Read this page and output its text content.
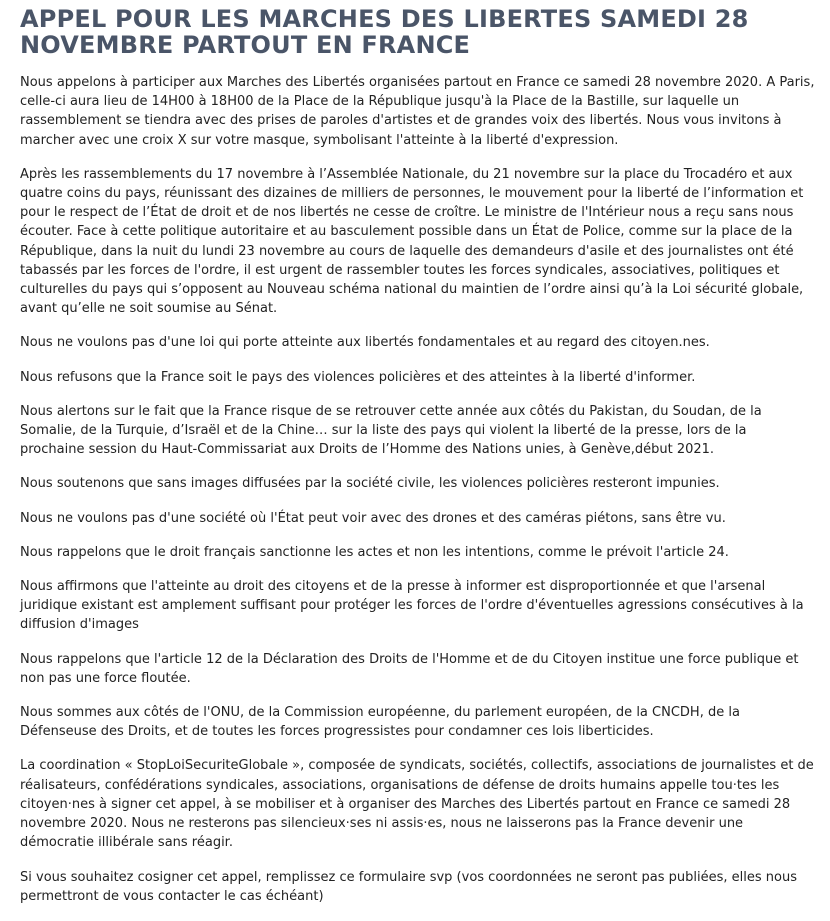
APPEL POUR LES MARCHES DES LIBERTES SAMEDI 28 NOVEMBRE PARTOUT EN FRANCE

Nous appelons à participer aux Marches des Libertés organisées partout en France ce samedi 28 novembre 2020. A Paris, celle-ci aura lieu de 14H00 à 18H00 de la Place de la République jusqu'à la Place de la Bastille, sur laquelle un rassemblement se tiendra avec des prises de paroles d'artistes et de grandes voix des libertés. Nous vous invitons à marcher avec une croix X sur votre masque, symbolisant l'atteinte à la liberté d'expression.

Après les rassemblements du 17 novembre à l’Assemblée Nationale, du 21 novembre sur la place du Trocadéro et aux quatre coins du pays, réunissant des dizaines de milliers de personnes, le mouvement pour la liberté de l’information et pour le respect de l’État de droit et de nos libertés ne cesse de croître. Le ministre de l'Intérieur nous a reçu sans nous écouter. Face à cette politique autoritaire et au basculement possible dans un État de Police, comme sur la place de la République, dans la nuit du lundi 23 novembre au cours de laquelle des demandeurs d'asile et des journalistes ont été tabassés par les forces de l'ordre, il est urgent de rassembler toutes les forces syndicales, associatives, politiques et culturelles du pays qui s’opposent au Nouveau schéma national du maintien de l’ordre ainsi qu’à la Loi sécurité globale, avant qu’elle ne soit soumise au Sénat.

Nous ne voulons pas d'une loi qui porte atteinte aux libertés fondamentales et au regard des citoyen.nes.

Nous refusons que la France soit le pays des violences policières et des atteintes à la liberté d'informer.

Nous alertons sur le fait que la France risque de se retrouver cette année aux côtés du Pakistan, du Soudan, de la Somalie, de la Turquie, d’Israël et de la Chine… sur la liste des pays qui violent la liberté de la presse, lors de la prochaine session du Haut-Commissariat aux Droits de l’Homme des Nations unies, à Genève,début 2021.

Nous soutenons que sans images diffusées par la société civile, les violences policières resteront impunies.

Nous ne voulons pas d'une société où l'État peut voir avec des drones et des caméras piétons, sans être vu.

Nous rappelons que le droit français sanctionne les actes et non les intentions, comme le prévoit l'article 24.

Nous affirmons que l'atteinte au droit des citoyens et de la presse à informer est disproportionnée et que l'arsenal juridique existant est amplement suffisant pour protéger les forces de l'ordre d'éventuelles agressions consécutives à la diffusion d'images

Nous rappelons que l'article 12 de la Déclaration des Droits de l'Homme et de du Citoyen institue une force publique et non pas une force floutée.

Nous sommes aux côtés de l'ONU, de la Commission européenne, du parlement européen, de la CNCDH, de la Défenseuse des Droits, et de toutes les forces progressistes pour condamner ces lois liberticides.

La coordination « StopLoiSecuriteGlobale », composée de syndicats, sociétés, collectifs, associations de journalistes et de réalisateurs, confédérations syndicales, associations, organisations de défense de droits humains appelle tou·tes les citoyen·nes à signer cet appel, à se mobiliser et à organiser des Marches des Libertés partout en France ce samedi 28 novembre 2020. Nous ne resterons pas silencieux·ses ni assis·es, nous ne laisserons pas la France devenir une démocratie illibérale sans réagir.

Si vous souhaitez cosigner cet appel, remplissez ce formulaire svp (vos coordonnées ne seront pas publiées, elles nous permettront de vous contacter le cas échéant)
